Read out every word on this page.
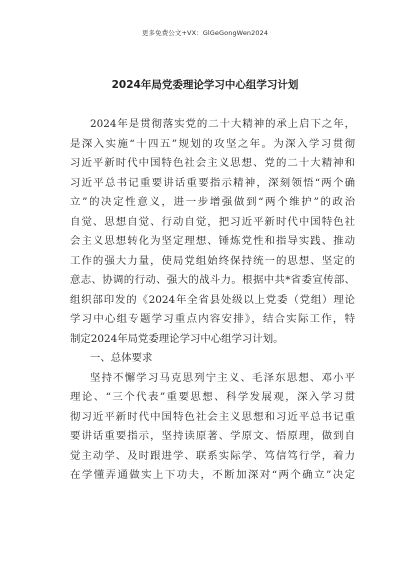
更多免费公文+VX：GlGeGongWen2024
2024年局党委理论学习中心组学习计划
2024年是贯彻落实党的二十大精神的承上启下之年，
是深入实施“十四五”规划的攻坚之年。为深入学习贯彻
习近平新时代中国特色社会主义思想、党的二十大精神和
习近平总书记重要讲话重要指示精神，深刻领悟“两个确
立”的决定性意义，进一步增强做到“两个维护”的政治
自觉、思想自觉、行动自觉，把习近平新时代中国特色社
会主义思想转化为坚定理想、锤炼党性和指导实践、推动
工作的强大力量，使局党组始终保持统一的思想、坚定的
意志、协调的行动、强大的战斗力。根据中共*省委宣传部、
组织部印发的《2024年全省县处级以上党委（党组）理论
学习中心组专题学习重点内容安排》，结合实际工作，特
制定2024年局党委理论学习中心组学习计划。
一、总体要求
坚持不懈学习马克思列宁主义、毛泽东思想、邓小平
理论、“三个代表”重要思想、科学发展观，深入学习贯
彻习近平新时代中国特色社会主义思想和习近平总书记重
要讲话重要指示，坚持读原著、学原文、悟原理，做到自
觉主动学、及时跟进学、联系实际学、笃信笃行学，着力
在学懂弄通做实上下功夫，不断加深对“两个确立”决定
